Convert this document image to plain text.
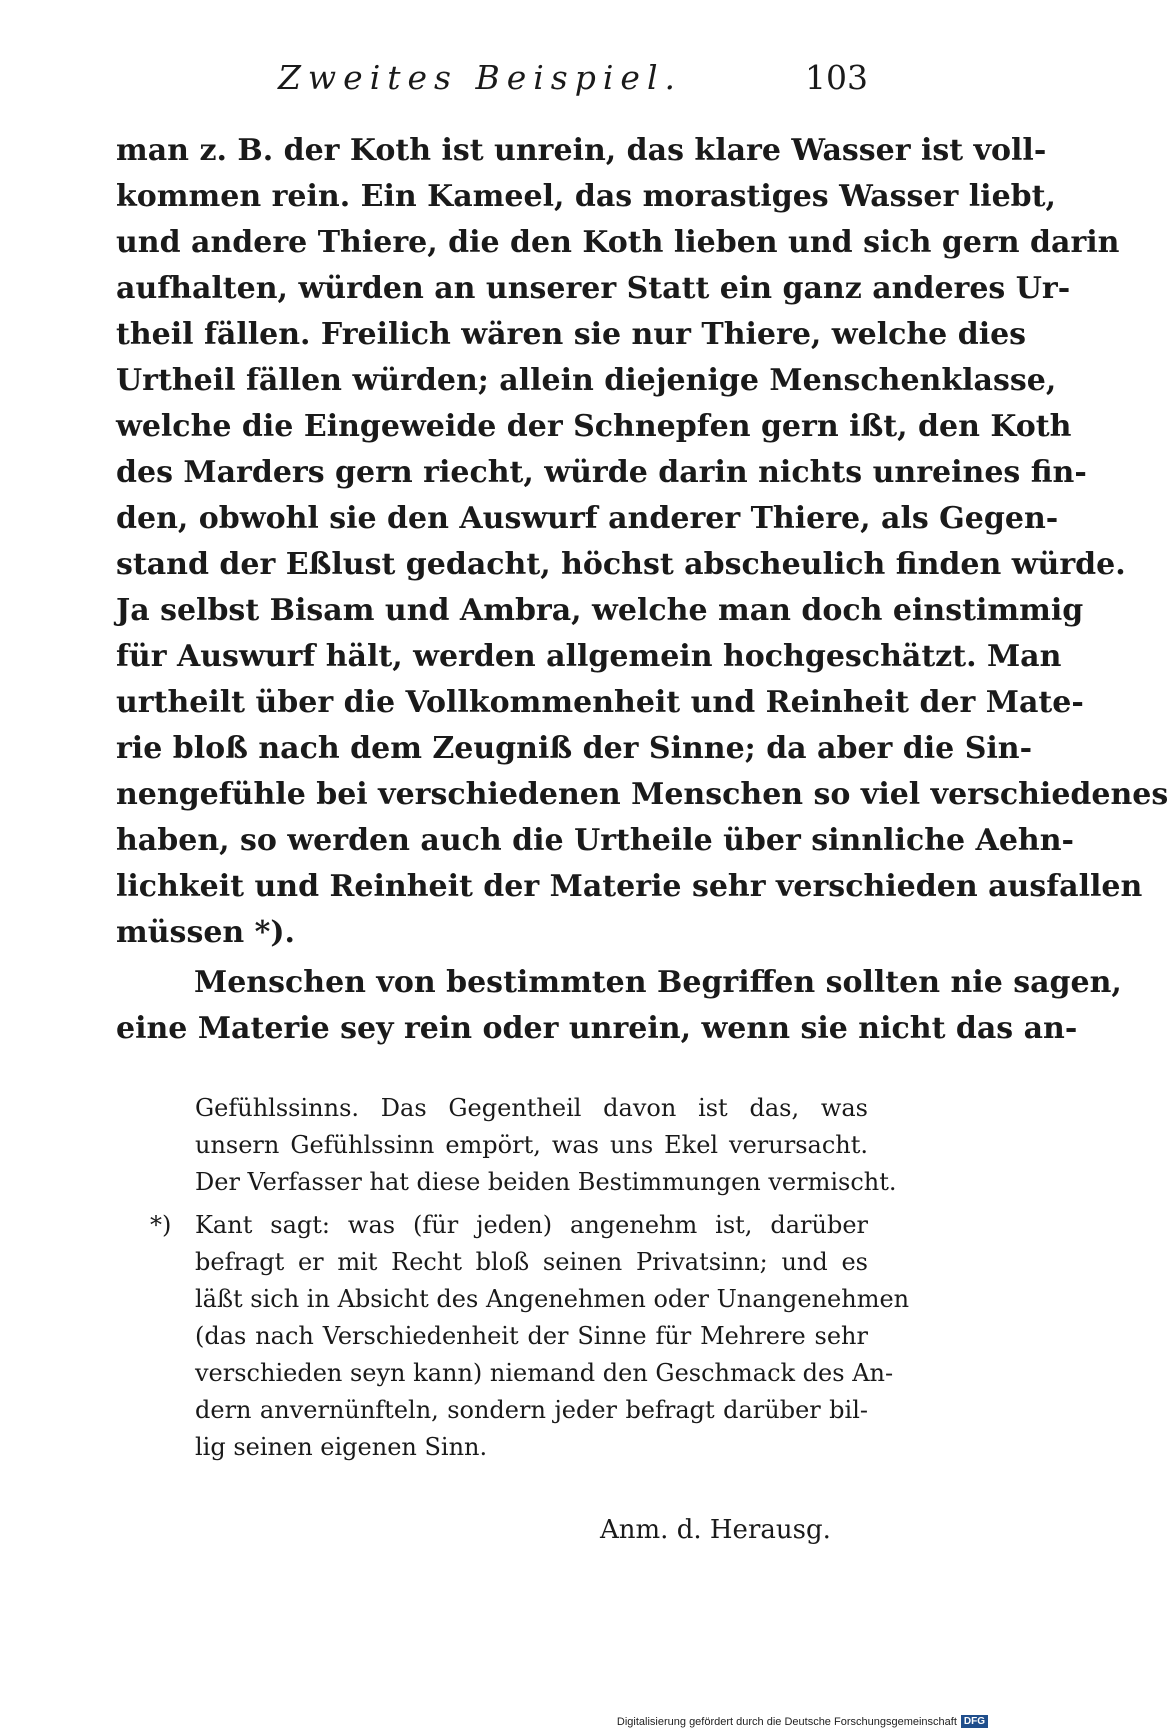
Zweites Beispiel.	103
man z. B. der Koth ist unrein, das klare Wasser ist voll-
kommen rein. Ein Kameel, das morastiges Wasser liebt,
und andere Thiere, die den Koth lieben und sich gern darin
aufhalten, würden an unserer Statt ein ganz anderes Ur-
theil fällen. Freilich wären sie nur Thiere, welche dies
Urtheil fällen würden; allein diejenige Menschenklasse,
welche die Eingeweide der Schnepfen gern ißt, den Koth
des Marders gern riecht, würde darin nichts unreines fin-
den, obwohl sie den Auswurf anderer Thiere, als Gegen-
stand der Eßlust gedacht, höchst abscheulich finden würde.
Ja selbst Bisam und Ambra, welche man doch einstimmig
für Auswurf hält, werden allgemein hochgeschätzt. Man
urtheilt über die Vollkommenheit und Reinheit der Mate-
rie bloß nach dem Zeugniß der Sinne; da aber die Sin-
nengefühle bei verschiedenen Menschen so viel verschiedenes
haben, so werden auch die Urtheile über sinnliche Aehn-
lichkeit und Reinheit der Materie sehr verschieden ausfallen
müssen *).
Menschen von bestimmten Begriffen sollten nie sagen,
eine Materie sey rein oder unrein, wenn sie nicht das an-
Gefühlssinns. Das Gegentheil davon ist das, was
unsern Gefühlssinn empört, was uns Ekel verursacht.
Der Verfasser hat diese beiden Bestimmungen vermischt.
*) Kant sagt: was (für jeden) angenehm ist, darüber
befragt er mit Recht bloß seinen Privatsinn; und es
läßt sich in Absicht des Angenehmen oder Unangenehmen
(das nach Verschiedenheit der Sinne für Mehrere sehr
verschieden seyn kann) niemand den Geschmack des An-
dern anvernünfteln, sondern jeder befragt darüber bil-
lig seinen eigenen Sinn.
Anm. d. Herausg.
Digitalisierung gefördert durch die Deutsche Forschungsgemeinschaft DFG
